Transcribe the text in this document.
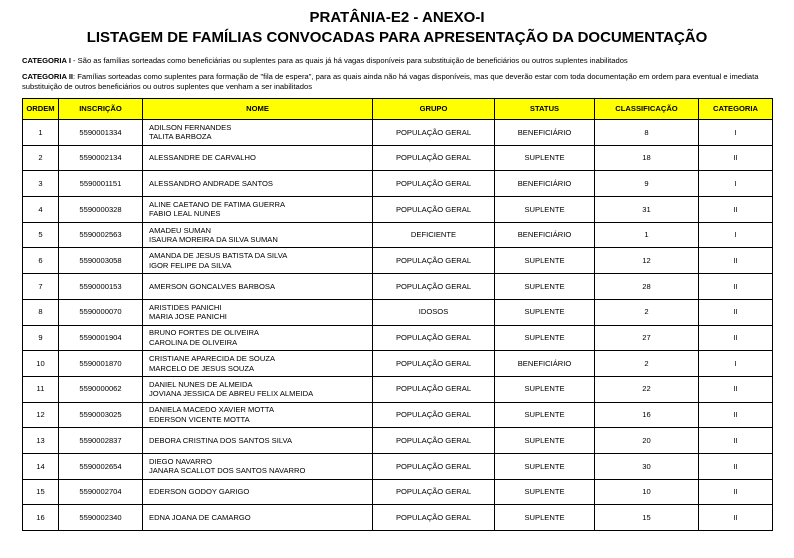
PRATÂNIA-E2 - ANEXO-I
LISTAGEM DE FAMÍLIAS CONVOCADAS PARA APRESENTAÇÃO DA DOCUMENTAÇÃO

CATEGORIA I - São as famílias sorteadas como beneficiárias ou suplentes para as quais já há vagas disponíveis para substituição de beneficiários ou outros suplentes inabilitados

CATEGORIA II: Famílias sorteadas como suplentes para formação de "fila de espera", para as quais ainda não há vagas disponíveis, mas que deverão estar com toda documentação em ordem para eventual e imediata substituição de outros beneficiários ou outros suplentes que venham a ser inabilitados

ORDEM	INSCRIÇÃO	NOME	GRUPO	STATUS	CLASSIFICAÇÃO	CATEGORIA
1	5590001334	ADILSON FERNANDES
TALITA BARBOZA	POPULAÇÃO GERAL	BENEFICIÁRIO	8	I
2	5590002134	ALESSANDRE DE CARVALHO	POPULAÇÃO GERAL	SUPLENTE	18	II
3	5590001151	ALESSANDRO ANDRADE SANTOS	POPULAÇÃO GERAL	BENEFICIÁRIO	9	I
4	5590000328	ALINE CAETANO DE FATIMA GUERRA
FABIO LEAL NUNES	POPULAÇÃO GERAL	SUPLENTE	31	II
5	5590002563	AMADEU SUMAN
ISAURA MOREIRA DA SILVA SUMAN	DEFICIENTE	BENEFICIÁRIO	1	I
6	5590003058	AMANDA DE JESUS BATISTA DA SILVA
IGOR FELIPE DA SILVA	POPULAÇÃO GERAL	SUPLENTE	12	II
7	5590000153	AMERSON GONCALVES BARBOSA	POPULAÇÃO GERAL	SUPLENTE	28	II
8	5590000070	ARISTIDES PANICHI
MARIA JOSE PANICHI	IDOSOS	SUPLENTE	2	II
9	5590001904	BRUNO FORTES DE OLIVEIRA
CAROLINA DE OLIVEIRA	POPULAÇÃO GERAL	SUPLENTE	27	II
10	5590001870	CRISTIANE APARECIDA DE SOUZA
MARCELO DE JESUS SOUZA	POPULAÇÃO GERAL	BENEFICIÁRIO	2	I
11	5590000062	DANIEL NUNES DE ALMEIDA
JOVIANA JESSICA DE ABREU FELIX ALMEIDA	POPULAÇÃO GERAL	SUPLENTE	22	II
12	5590003025	DANIELA MACEDO XAVIER MOTTA
EDERSON VICENTE MOTTA	POPULAÇÃO GERAL	SUPLENTE	16	II
13	5590002837	DEBORA CRISTINA DOS SANTOS SILVA	POPULAÇÃO GERAL	SUPLENTE	20	II
14	5590002654	DIEGO NAVARRO
JANARA SCALLOT DOS SANTOS NAVARRO	POPULAÇÃO GERAL	SUPLENTE	30	II
15	5590002704	EDERSON GODOY GARIGO	POPULAÇÃO GERAL	SUPLENTE	10	II
16	5590002340	EDNA JOANA DE CAMARGO	POPULAÇÃO GERAL	SUPLENTE	15	II
